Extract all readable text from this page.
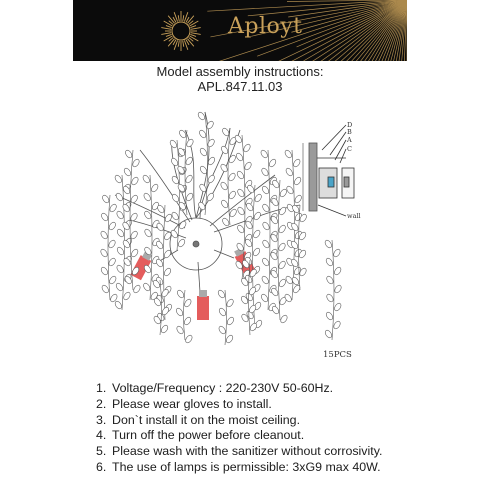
Aployt
Model assembly instructions:
APL.847.11.03
D
B
A
C
wall
15PCS
1. Voltage/Frequency : 220-230V 50-60Hz.
2. Please wear gloves to install.
3. Don`t install it on the moist ceiling.
4. Turn off the power before cleanout.
5. Please wash with the sanitizer without corrosivity.
6. The use of lamps is permissible: 3xG9 max 40W.
